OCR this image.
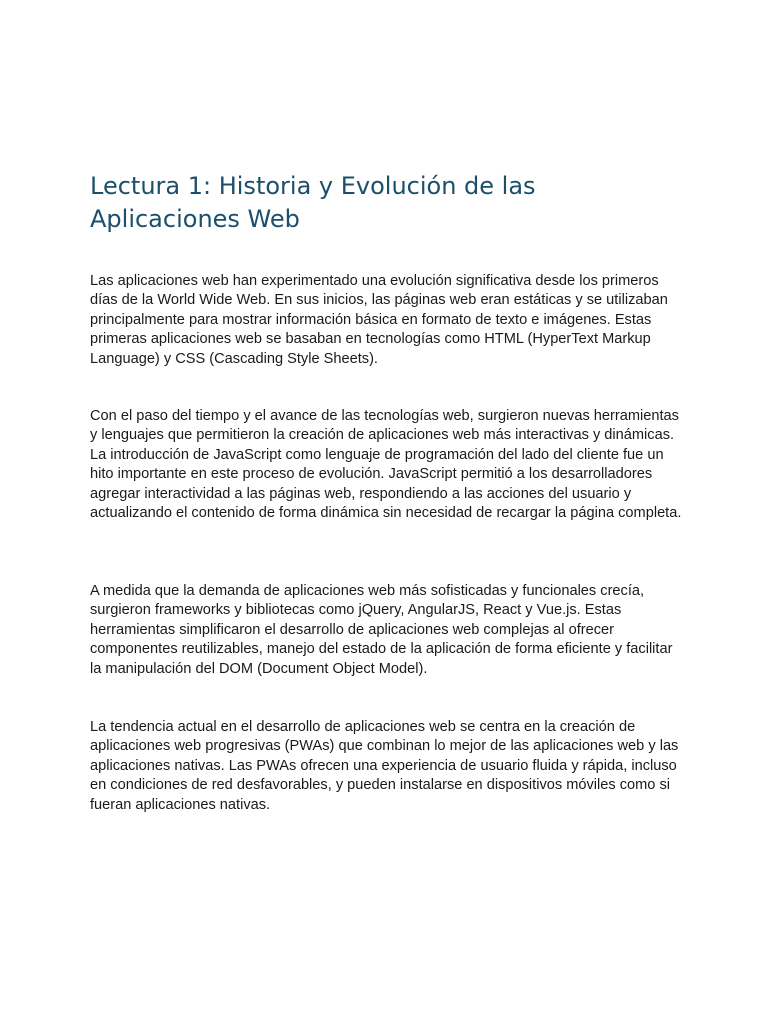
Lectura 1: Historia y Evolución de las Aplicaciones Web

Las aplicaciones web han experimentado una evolución significativa desde los primeros días de la World Wide Web. En sus inicios, las páginas web eran estáticas y se utilizaban principalmente para mostrar información básica en formato de texto e imágenes. Estas primeras aplicaciones web se basaban en tecnologías como HTML (HyperText Markup Language) y CSS (Cascading Style Sheets).

Con el paso del tiempo y el avance de las tecnologías web, surgieron nuevas herramientas y lenguajes que permitieron la creación de aplicaciones web más interactivas y dinámicas. La introducción de JavaScript como lenguaje de programación del lado del cliente fue un hito importante en este proceso de evolución. JavaScript permitió a los desarrolladores agregar interactividad a las páginas web, respondiendo a las acciones del usuario y actualizando el contenido de forma dinámica sin necesidad de recargar la página completa.

A medida que la demanda de aplicaciones web más sofisticadas y funcionales crecía, surgieron frameworks y bibliotecas como jQuery, AngularJS, React y Vue.js. Estas herramientas simplificaron el desarrollo de aplicaciones web complejas al ofrecer componentes reutilizables, manejo del estado de la aplicación de forma eficiente y facilitar la manipulación del DOM (Document Object Model).

La tendencia actual en el desarrollo de aplicaciones web se centra en la creación de aplicaciones web progresivas (PWAs) que combinan lo mejor de las aplicaciones web y las aplicaciones nativas. Las PWAs ofrecen una experiencia de usuario fluida y rápida, incluso en condiciones de red desfavorables, y pueden instalarse en dispositivos móviles como si fueran aplicaciones nativas.
